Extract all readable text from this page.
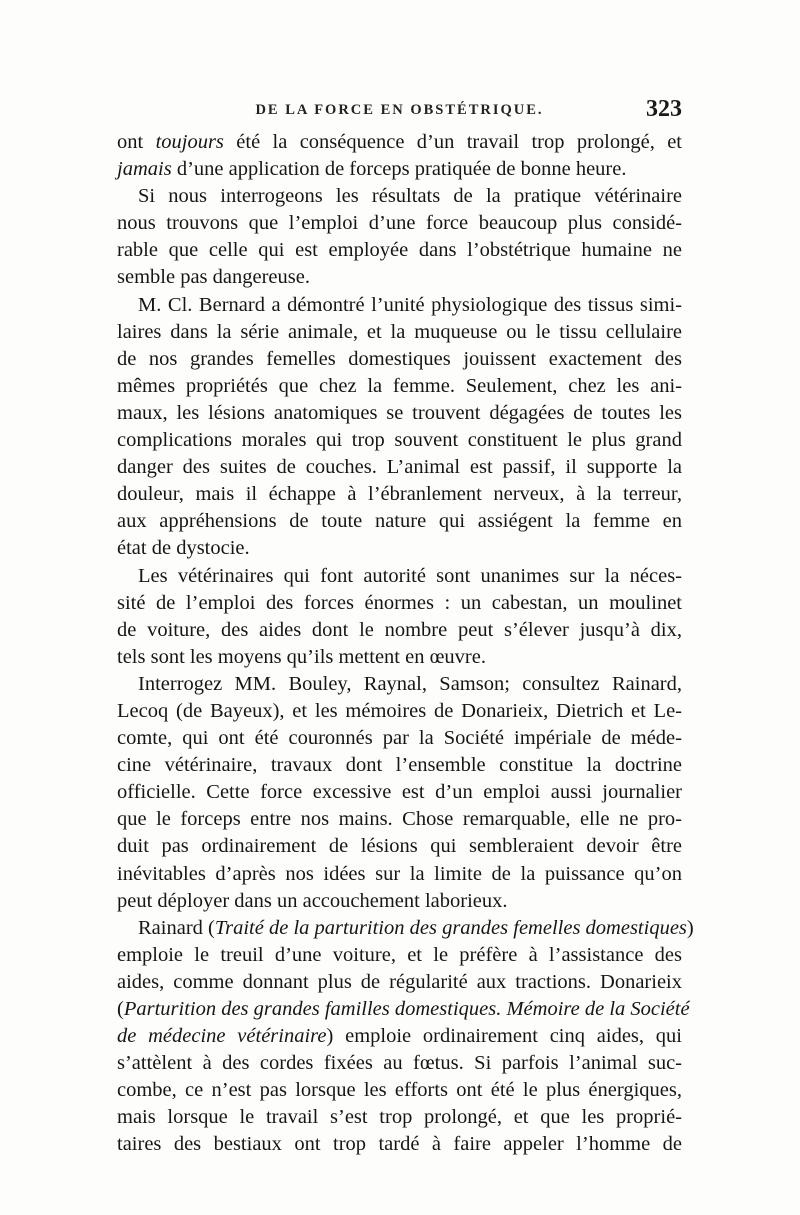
DE LA FORCE EN OBSTÉTRIQUE.	323
ont toujours été la conséquence d’un travail trop prolongé, et
jamais d’une application de forceps pratiquée de bonne heure.
Si nous interrogeons les résultats de la pratique vétérinaire
nous trouvons que l’emploi d’une force beaucoup plus considé-
rable que celle qui est employée dans l’obstétrique humaine ne
semble pas dangereuse.
M. Cl. Bernard a démontré l’unité physiologique des tissus simi-
laires dans la série animale, et la muqueuse ou le tissu cellulaire
de nos grandes femelles domestiques jouissent exactement des
mêmes propriétés que chez la femme. Seulement, chez les ani-
maux, les lésions anatomiques se trouvent dégagées de toutes les
complications morales qui trop souvent constituent le plus grand
danger des suites de couches. L’animal est passif, il supporte la
douleur, mais il échappe à l’ébranlement nerveux, à la terreur,
aux appréhensions de toute nature qui assiégent la femme en
état de dystocie.
Les vétérinaires qui font autorité sont unanimes sur la néces-
sité de l’emploi des forces énormes : un cabestan, un moulinet
de voiture, des aides dont le nombre peut s’élever jusqu’à dix,
tels sont les moyens qu’ils mettent en œuvre.
Interrogez MM. Bouley, Raynal, Samson; consultez Rainard,
Lecoq (de Bayeux), et les mémoires de Donarieix, Dietrich et Le-
comte, qui ont été couronnés par la Société impériale de méde-
cine vétérinaire, travaux dont l’ensemble constitue la doctrine
officielle. Cette force excessive est d’un emploi aussi journalier
que le forceps entre nos mains. Chose remarquable, elle ne pro-
duit pas ordinairement de lésions qui sembleraient devoir être
inévitables d’après nos idées sur la limite de la puissance qu’on
peut déployer dans un accouchement laborieux.
Rainard (Traité de la parturition des grandes femelles domestiques)
emploie le treuil d’une voiture, et le préfère à l’assistance des
aides, comme donnant plus de régularité aux tractions. Donarieix
(Parturition des grandes familles domestiques. Mémoire de la Société
de médecine vétérinaire) emploie ordinairement cinq aides, qui
s’attèlent à des cordes fixées au fœtus. Si parfois l’animal suc-
combe, ce n’est pas lorsque les efforts ont été le plus énergiques,
mais lorsque le travail s’est trop prolongé, et que les proprié-
taires des bestiaux ont trop tardé à faire appeler l’homme de
